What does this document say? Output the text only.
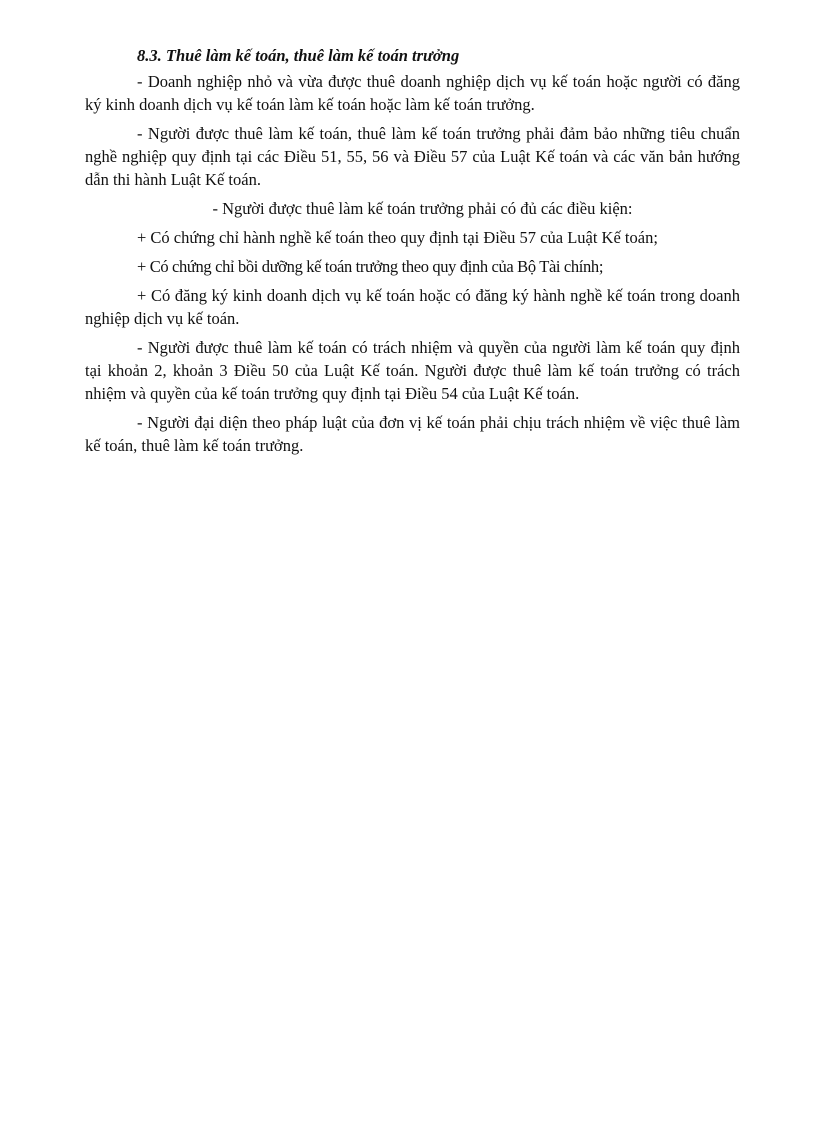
8.3. Thuê làm kế toán, thuê làm kế toán trưởng

- Doanh nghiệp nhỏ và vừa được thuê doanh nghiệp dịch vụ kế toán hoặc người có đăng ký kinh doanh dịch vụ kế toán làm kế toán hoặc làm kế toán trưởng.

- Người được thuê làm kế toán, thuê làm kế toán trưởng phải đảm bảo những tiêu chuẩn nghề nghiệp quy định tại các Điều 51, 55, 56 và Điều 57 của Luật Kế toán và các văn bản hướng dẫn thi hành Luật Kế toán.

- Người được thuê làm kế toán trưởng phải có đủ các điều kiện:

+ Có chứng chỉ hành nghề kế toán theo quy định tại Điều 57 của Luật Kế toán;

+ Có chứng chỉ bồi dưỡng kế toán trưởng theo quy định của Bộ Tài chính;

+ Có đăng ký kinh doanh dịch vụ kế toán hoặc có đăng ký hành nghề kế toán trong doanh nghiệp dịch vụ kế toán.

- Người được thuê làm kế toán có trách nhiệm và quyền của người làm kế toán quy định tại khoản 2, khoản 3 Điều 50 của Luật Kế toán. Người được thuê làm kế toán trưởng có trách nhiệm và quyền của kế toán trưởng quy định tại Điều 54 của Luật Kế toán.

- Người đại diện theo pháp luật của đơn vị kế toán phải chịu trách nhiệm về việc thuê làm kế toán, thuê làm kế toán trưởng.
